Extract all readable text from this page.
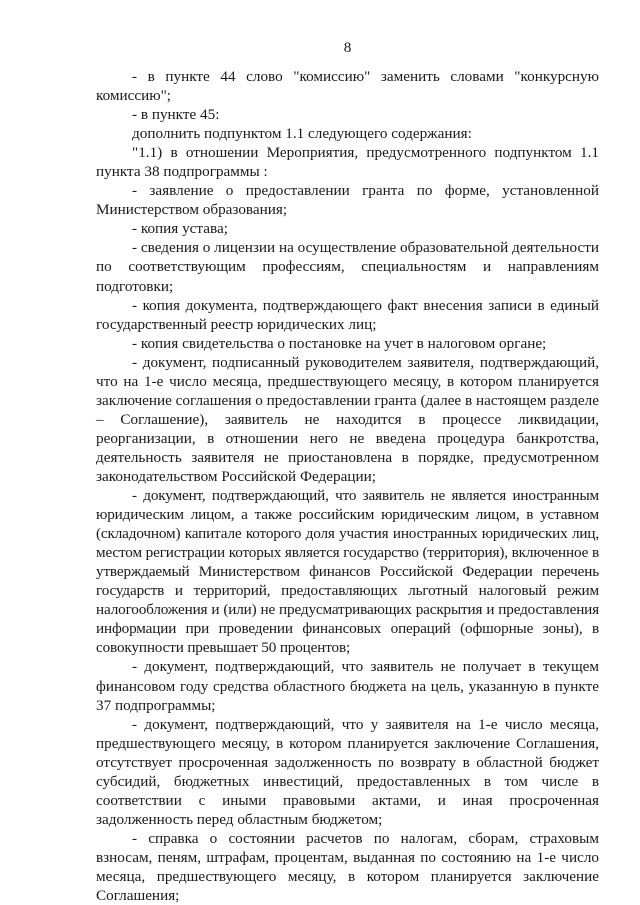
8

- в пункте 44 слово "комиссию" заменить словами "конкурсную комиссию";

- в пункте 45:

дополнить подпунктом 1.1 следующего содержания:

"1.1) в отношении Мероприятия, предусмотренного подпунктом 1.1 пункта 38 подпрограммы :

- заявление о предоставлении гранта по форме, установленной Министерством образования;

- копия устава;

- сведения о лицензии на осуществление образовательной деятельности по соответствующим профессиям, специальностям и направлениям подготовки;

- копия документа, подтверждающего факт внесения записи в единый государственный реестр юридических лиц;

- копия свидетельства о постановке на учет в налоговом органе;

- документ, подписанный руководителем заявителя, подтверждающий, что на 1-е число месяца, предшествующего месяцу, в котором планируется заключение соглашения о предоставлении гранта (далее в настоящем разделе – Соглашение), заявитель не находится в процессе ликвидации, реорганизации, в отношении него не введена процедура банкротства, деятельность заявителя не приостановлена в порядке, предусмотренном законодательством Российской Федерации;

- документ, подтверждающий, что заявитель не является иностранным юридическим лицом, а также российским юридическим лицом, в уставном (складочном) капитале которого доля участия иностранных юридических лиц, местом регистрации которых является государство (территория), включенное в утверждаемый Министерством финансов Российской Федерации перечень государств и территорий, предоставляющих льготный налоговый режим налогообложения и (или) не предусматривающих раскрытия и предоставления информации при проведении финансовых операций (офшорные зоны), в совокупности превышает 50 процентов;

- документ, подтверждающий, что заявитель не получает в текущем финансовом году средства областного бюджета на цель, указанную в пункте 37 подпрограммы;

- документ, подтверждающий, что у заявителя на 1-е число месяца, предшествующего месяцу, в котором планируется заключение Соглашения, отсутствует просроченная задолженность по возврату в областной бюджет субсидий, бюджетных инвестиций, предоставленных в том числе в соответствии с иными правовыми актами, и иная просроченная задолженность перед областным бюджетом;

- справка о состоянии расчетов по налогам, сборам, страховым взносам, пеням, штрафам, процентам, выданная по состоянию на 1-е число месяца, предшествующего месяцу, в котором планируется заключение Соглашения;
